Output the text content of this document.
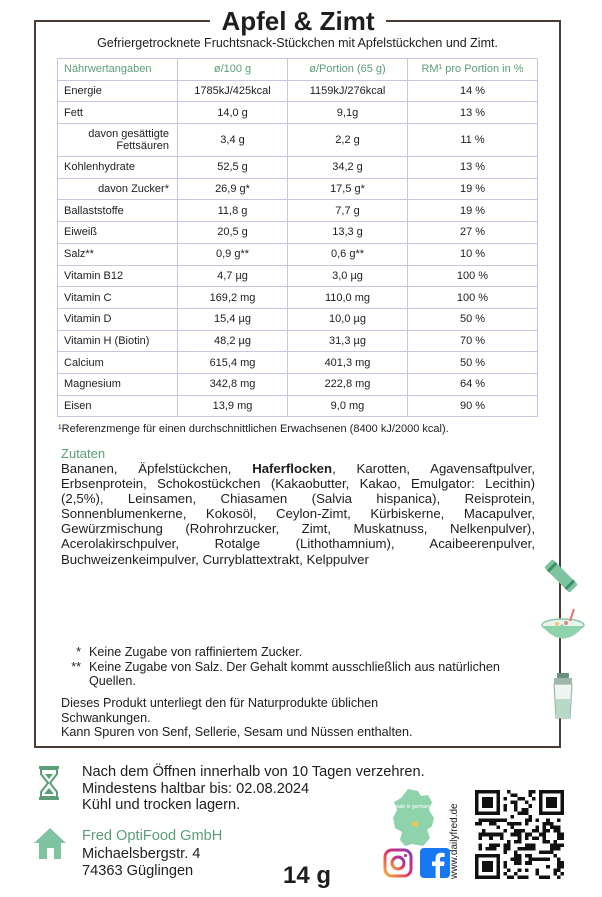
Apfel & Zimt
Gefriergetrocknete Fruchtsnack-Stückchen mit Apfelstückchen und Zimt.
Nährwertangaben	ø/100 g	ø/Portion (65 g)	RM¹ pro Portion in %
Energie	1785kJ/425kcal	1159kJ/276kcal	14 %
Fett	14,0 g	9,1g	13 %
davon gesättigte Fettsäuren	3,4 g	2,2 g	11 %
Kohlenhydrate	52,5 g	34,2 g	13 %
davon Zucker*	26,9 g*	17,5 g*	19 %
Ballaststoffe	11,8 g	7,7 g	19 %
Eiweiß	20,5 g	13,3 g	27 %
Salz**	0,9 g**	0,6 g**	10 %
Vitamin B12	4,7 µg	3,0 µg	100 %
Vitamin C	169,2 mg	110,0 mg	100 %
Vitamin D	15,4 µg	10,0 µg	50 %
Vitamin H (Biotin)	48,2 µg	31,3 µg	70 %
Calcium	615,4 mg	401,3 mg	50 %
Magnesium	342,8 mg	222,8 mg	64 %
Eisen	13,9 mg	9,0 mg	90 %
¹Referenzmenge für einen durchschnittlichen Erwachsenen (8400 kJ/2000 kcal).
Zutaten
Bananen, Äpfelstückchen, Haferflocken, Karotten, Agavensaftpulver, Erbsenprotein, Schokostückchen (Kakaobutter, Kakao, Emulgator: Lecithin) (2,5%), Leinsamen, Chiasamen (Salvia hispanica), Reisprotein, Sonnenblumenkerne, Kokosöl, Ceylon-Zimt, Kürbiskerne, Macapulver, Gewürzmischung (Rohrohrzucker, Zimt, Muskatnuss, Nelkenpulver), Acerolakirschpulver, Rotalge (Lithothamnium), Acaibeerenpulver, Buchweizenkeimpulver, Curryblattextrakt, Kelppulver
* Keine Zugabe von raffiniertem Zucker.
** Keine Zugabe von Salz. Der Gehalt kommt ausschließlich aus natürlichen Quellen.
Dieses Produkt unterliegt den für Naturprodukte üblichen Schwankungen.
Kann Spuren von Senf, Sellerie, Sesam und Nüssen enthalten.
Nach dem Öffnen innerhalb von 10 Tagen verzehren.
Mindestens haltbar bis: 02.08.2024
Kühl und trocken lagern.
Fred OptiFood GmbH
Michaelsbergstr. 4
74363 Güglingen	14 g
made in germany www.dailyfred.de
